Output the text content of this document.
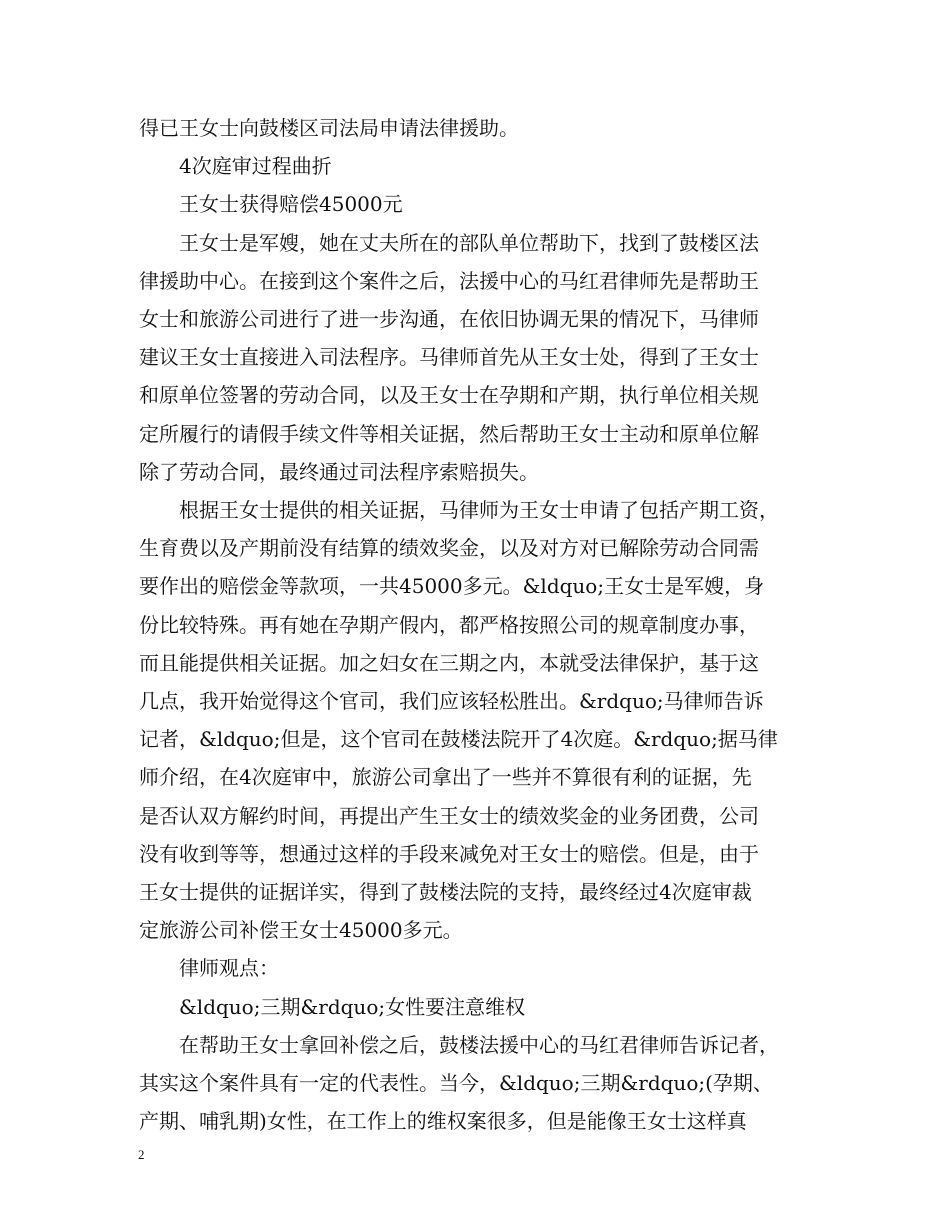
得已王女士向鼓楼区司法局申请法律援助。
　　4次庭审过程曲折
　　王女士获得赔偿45000元
　　王女士是军嫂，她在丈夫所在的部队单位帮助下，找到了鼓楼区法
律援助中心。在接到这个案件之后，法援中心的马红君律师先是帮助王
女士和旅游公司进行了进一步沟通，在依旧协调无果的情况下，马律师
建议王女士直接进入司法程序。马律师首先从王女士处，得到了王女士
和原单位签署的劳动合同，以及王女士在孕期和产期，执行单位相关规
定所履行的请假手续文件等相关证据，然后帮助王女士主动和原单位解
除了劳动合同，最终通过司法程序索赔损失。
　　根据王女士提供的相关证据，马律师为王女士申请了包括产期工资，
生育费以及产期前没有结算的绩效奖金，以及对方对已解除劳动合同需
要作出的赔偿金等款项，一共45000多元。&ldquo;王女士是军嫂，身
份比较特殊。再有她在孕期产假内，都严格按照公司的规章制度办事，
而且能提供相关证据。加之妇女在三期之内，本就受法律保护，基于这
几点，我开始觉得这个官司，我们应该轻松胜出。&rdquo;马律师告诉
记者，&ldquo;但是，这个官司在鼓楼法院开了4次庭。&rdquo;据马律
师介绍，在4次庭审中，旅游公司拿出了一些并不算很有利的证据，先
是否认双方解约时间，再提出产生王女士的绩效奖金的业务团费，公司
没有收到等等，想通过这样的手段来减免对王女士的赔偿。但是，由于
王女士提供的证据详实，得到了鼓楼法院的支持，最终经过4次庭审裁
定旅游公司补偿王女士45000多元。
　　律师观点：
　　&ldquo;三期&rdquo;女性要注意维权
　　在帮助王女士拿回补偿之后，鼓楼法援中心的马红君律师告诉记者，
其实这个案件具有一定的代表性。当今，&ldquo;三期&rdquo;(孕期、
产期、哺乳期)女性，在工作上的维权案很多，但是能像王女士这样真
2
